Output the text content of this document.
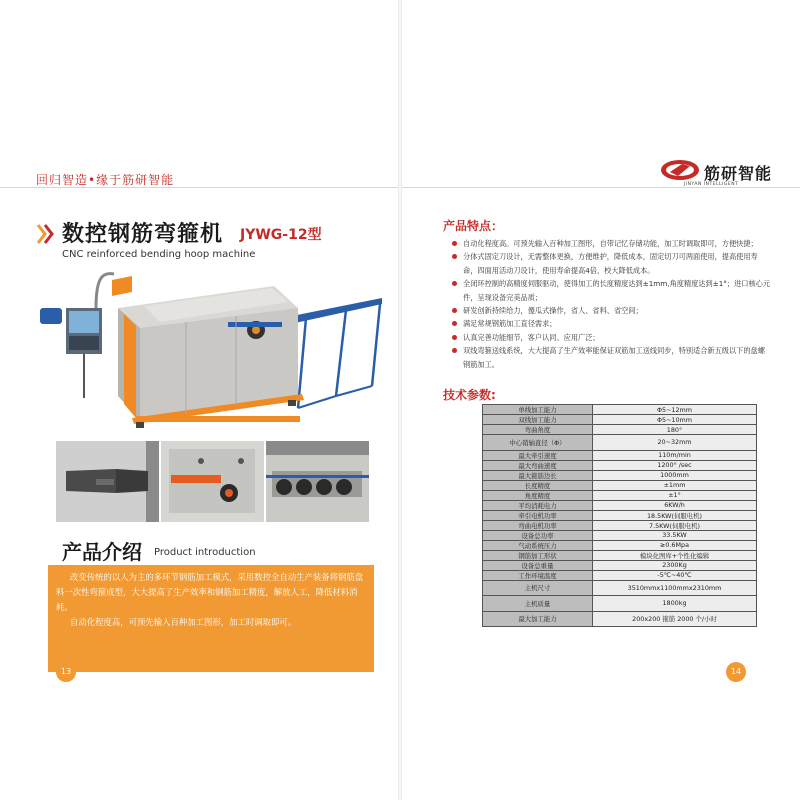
回归智造•缘于筋研智能
数控钢筋弯箍机 JYWG-12型
CNC reinforced bending hoop machine
产品介绍 Product introduction

改变传统的以人为主的多环节钢筋加工模式，采用数控全自动生产装备将钢筋盘料一次性弯箍成型，大大提高了生产效率和钢筋加工精度，解放人工，降低材料消耗。

自动化程度高，可预先输入百种加工图形，加工时调取即可。

13
筋研智能
JINYAN INTELLIGENT
产品特点：
自动化程度高。可预先输入百种加工图形，自带记忆存储功能，加工时调取即可，方便快捷；
分体式固定刀设计，无需整体更换，方便维护，降低成本，固定切刀可两面使用，提高使用寿命，四面用活动刀设计，使用寿命提高4倍，校大降低成本。
全闭环控制的高精度伺服驱动，使得加工的长度精度达到±1mm,角度精度达到±1°；进口核心元件，呈现设备完美品质；
研发创新持续给力，傻瓜式操作，省人、省料、省空间；
满足常规钢筋加工直径需求；
认真完善功能细节，客户认同、应用广泛；
双线弯箍送线系统，大大提高了生产效率能保证双筋加工送线同步，特别适合新五级以下的盘螺钢筋加工。
技术参数:
单线加工能力	Φ5~12mm
双线加工能力	Φ5~10mm
弯曲角度	180°
中心销轴直径（Φ）	20~32mm
最大牵引速度	110m/min
最大弯曲速度	1200° /sec
最大箍筋边长	1000mm
长度精度	±1mm
角度精度	±1°
平均消耗电力	6KW/h
牵引电机功率	18.5KW(伺服电机)
弯曲电机功率	7.5KW(伺服电机)
设备总功率	33.5KW
气动系统压力	≥0.6Mpa
钢筋加工形状	模块化图库+个性化编辑
设备总重量	2300Kg
工作环境温度	-5℃~40℃
主机尺寸	3510mmx1100mmx2310mm
主机质量	1800kg
最大加工能力	200x200 箍筋 2000 个/小时
14
